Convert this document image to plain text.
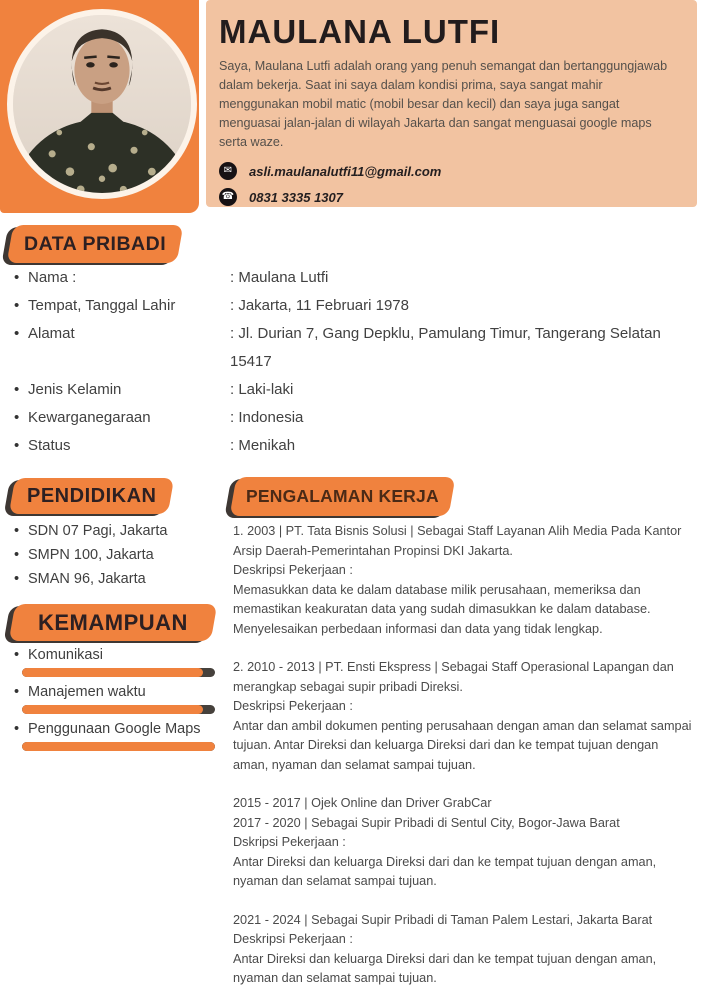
MAULANA LUTFI
Saya, Maulana Lutfi adalah orang yang penuh semangat dan bertanggungjawab dalam bekerja. Saat ini saya dalam kondisi prima, saya sangat mahir menggunakan mobil matic (mobil besar dan kecil) dan saya juga sangat menguasai jalan-jalan di wilayah Jakarta dan sangat menguasai google maps serta waze.
✉	asli.maulanalutfi11@gmail.com
☎ 0831 3335 1307
DATA PRIBADI
PENDIDIKAN
KEMAMPUAN
PENGALAMAN KERJA
• Nama :	: Maulana Lutfi
• Tempat, Tanggal Lahir	: Jakarta, 11 Februari 1978
• Alamat	: Jl. Durian 7, Gang Depklu, Pamulang Timur, Tangerang Selatan 15417
• Jenis Kelamin	: Laki-laki
• Kewarganegaraan	: Indonesia
• Status	: Menikah
• SDN 07 Pagi, Jakarta
• SMPN 100, Jakarta
• SMAN 96, Jakarta
• Komunikasi
• Manajemen waktu
• Penggunaan Google Maps
1. 2003 | PT. Tata Bisnis Solusi | Sebagai Staff Layanan Alih Media Pada Kantor Arsip Daerah-Pemerintahan Propinsi DKI Jakarta.
Deskripsi Pekerjaan :
Memasukkan data ke dalam database milik perusahaan, memeriksa dan memastikan keakuratan data yang sudah dimasukkan ke dalam database. Menyelesaikan perbedaan informasi dan data yang tidak lengkap.
2. 2010 - 2013 | PT. Ensti Ekspress | Sebagai Staff Operasional Lapangan dan merangkap sebagai supir pribadi Direksi.
Deskripsi Pekerjaan :
Antar dan ambil dokumen penting perusahaan dengan aman dan selamat sampai tujuan. Antar Direksi dan keluarga Direksi dari dan ke tempat tujuan dengan aman, nyaman dan selamat sampai tujuan.
2015 - 2017 | Ojek Online dan Driver GrabCar
2017 - 2020 | Sebagai Supir Pribadi di Sentul City, Bogor-Jawa Barat
Dskripsi Pekerjaan :
Antar Direksi dan keluarga Direksi dari dan ke tempat tujuan dengan aman, nyaman dan selamat sampai tujuan.
2021 - 2024 | Sebagai Supir Pribadi di Taman Palem Lestari, Jakarta Barat
Deskripsi Pekerjaan :
Antar Direksi dan keluarga Direksi dari dan ke tempat tujuan dengan aman, nyaman dan selamat sampai tujuan.
